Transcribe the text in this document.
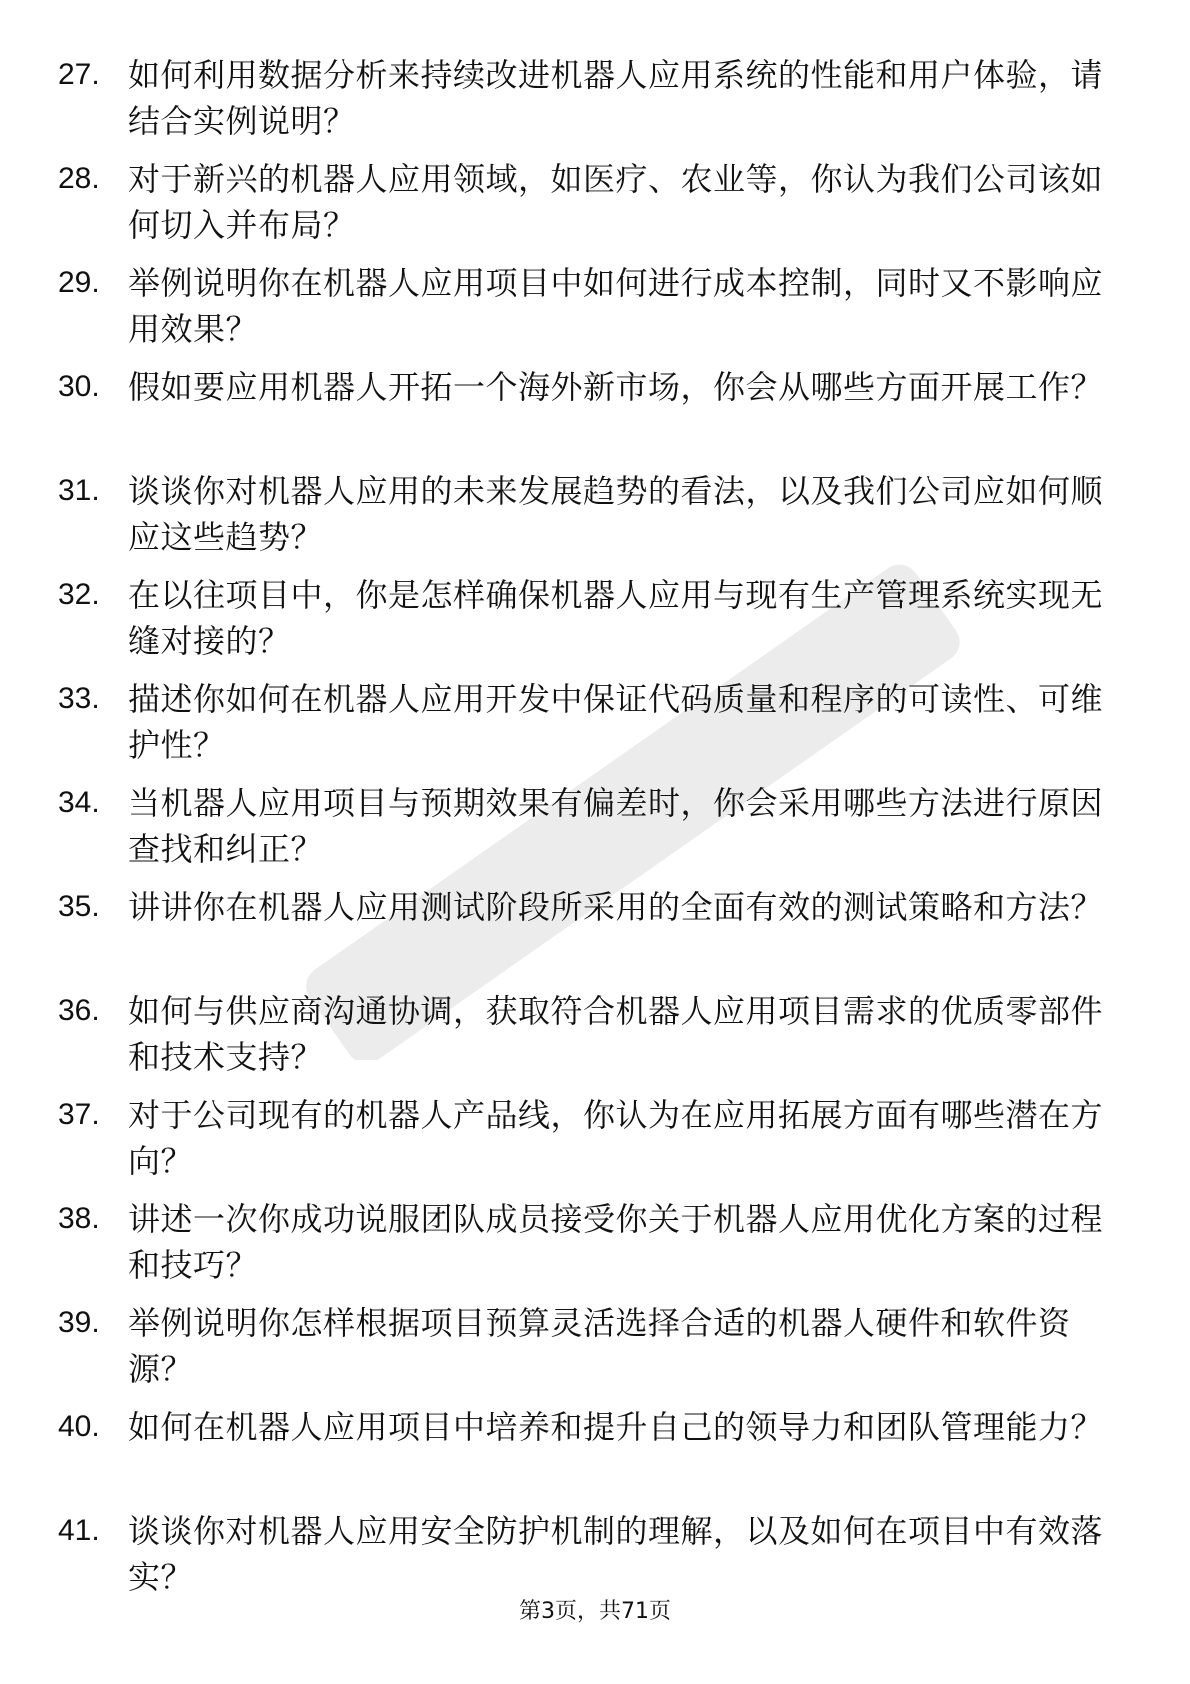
27. 如何利用数据分析来持续改进机器人应用系统的性能和用户体验，请结合实例说明？
28. 对于新兴的机器人应用领域，如医疗、农业等，你认为我们公司该如何切入并布局？
29. 举例说明你在机器人应用项目中如何进行成本控制，同时又不影响应用效果？
30. 假如要应用机器人开拓一个海外新市场，你会从哪些方面开展工作？
31. 谈谈你对机器人应用的未来发展趋势的看法，以及我们公司应如何顺应这些趋势？
32. 在以往项目中，你是怎样确保机器人应用与现有生产管理系统实现无缝对接的？
33. 描述你如何在机器人应用开发中保证代码质量和程序的可读性、可维护性？
34. 当机器人应用项目与预期效果有偏差时，你会采用哪些方法进行原因查找和纠正？
35. 讲讲你在机器人应用测试阶段所采用的全面有效的测试策略和方法？
36. 如何与供应商沟通协调，获取符合机器人应用项目需求的优质零部件和技术支持？
37. 对于公司现有的机器人产品线，你认为在应用拓展方面有哪些潜在方向？
38. 讲述一次你成功说服团队成员接受你关于机器人应用优化方案的过程和技巧？
39. 举例说明你怎样根据项目预算灵活选择合适的机器人硬件和软件资源？
40. 如何在机器人应用项目中培养和提升自己的领导力和团队管理能力？
41. 谈谈你对机器人应用安全防护机制的理解，以及如何在项目中有效落实？
第3页，共71页
